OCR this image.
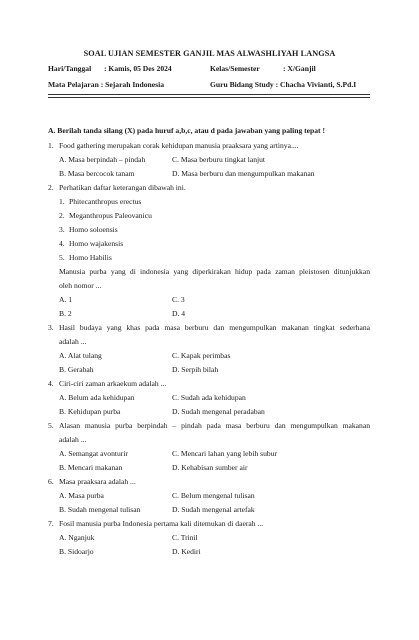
SOAL UJIAN SEMESTER GANJIL MAS ALWASHLIYAH LANGSA
Hari/Tanggal : Kamis, 05 Des 2024	Kelas/Semester	: X/Ganjil
Mata Pelajaran : Sejarah Indonesia	Guru Bidang Study : Chacha Vivianti, S.Pd.I
A. Berilah tanda silang (X) pada huruf a,b,c, atau d pada jawaban yang paling tepat !
1. Food gathering merupakan corak kehidupan manusia praaksara yang artinya....
A. Masa berpindah – pindah	C. Masa berburu tingkat lanjut
B. Masa bercocok tanam	D. Masa berburu dan mengumpulkan makanan
2. Perhatikan daftar keterangan dibawah ini.
1. Phitecanthropus erectus
2. Meganthropus Paleovanicu
3. Homo soloensis
4. Homo wajakensis
5. Homo Habilis
Manusia purba yang di indonesia yang diperkirakan hidup pada zaman pleistosen ditunjukkan
oleh nomor ...
A. 1	C. 3
B. 2	D. 4
3. Hasil budaya yang khas pada masa berburu dan mengumpulkan makanan tingkat sederhana
adalah ...
A. Alat tulang	C. Kapak perimbas
B. Gerabah	D. Serpih bilah
4. Ciri-ciri zaman arkaekum adalah ...
A. Belum ada kehidupan	C. Sudah ada kehidupan
B. Kehidupan purba	D. Sudah mengenal peradaban
5. Alasan manusia purba berpindah – pindah pada masa berburu dan mengumpulkan makanan
adalah ...
A. Semangat avonturir	C. Mencari lahan yang lebih subur
B. Mencari makanan	D. Kehabisan sumber air
6. Masa praaksara adalah ...
A. Masa purba	C. Belum mengenal tulisan
B. Sudah mengenal tulisan	D. Sudah mengenal artefak
7. Fosil manusia purba Indonesia pertama kali ditemukan di daerah ...
A. Nganjuk	C. Trinil
B. Sidoarjo	D. Kediri
